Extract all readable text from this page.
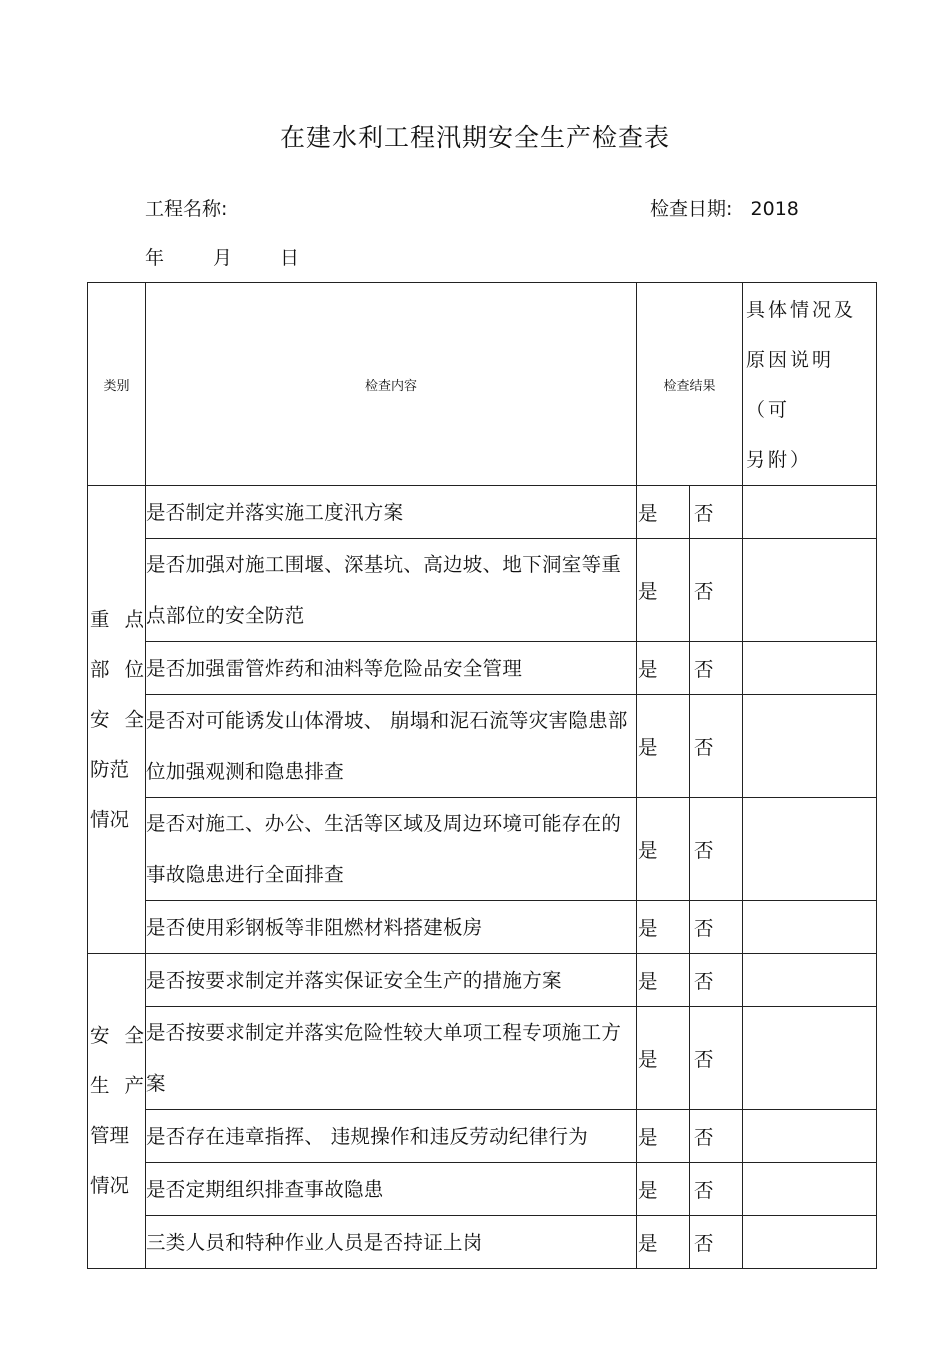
在建水利工程汛期安全生产检查表
工程名称:	检查日期: 2018
年	月	日
类别	检查内容	检查结果		具体情况及
原因说明（可
另附）

重 点
部 位
安 全
防范
情况	是否制定并落实施工度汛方案	是	否	
	是否加强对施工围堰、深基坑、高边坡、地下洞室等重点部位的安全防范	是	否	
	是否加强雷管炸药和油料等危险品安全管理	是	否	
	是否对可能诱发山体滑坡、 崩塌和泥石流等灾害隐患部位加强观测和隐患排查	是	否	
	是否对施工、办公、生活等区域及周边环境可能存在的事故隐患进行全面排查	是	否	
	是否使用彩钢板等非阻燃材料搭建板房	是	否	

安 全
生 产
管理
情况	是否按要求制定并落实保证安全生产的措施方案	是	否	
	是否按要求制定并落实危险性较大单项工程专项施工方案	是	否	
	是否存在违章指挥、 违规操作和违反劳动纪律行为	是	否	
	是否定期组织排查事故隐患	是	否	
	三类人员和特种作业人员是否持证上岗	是	否	
